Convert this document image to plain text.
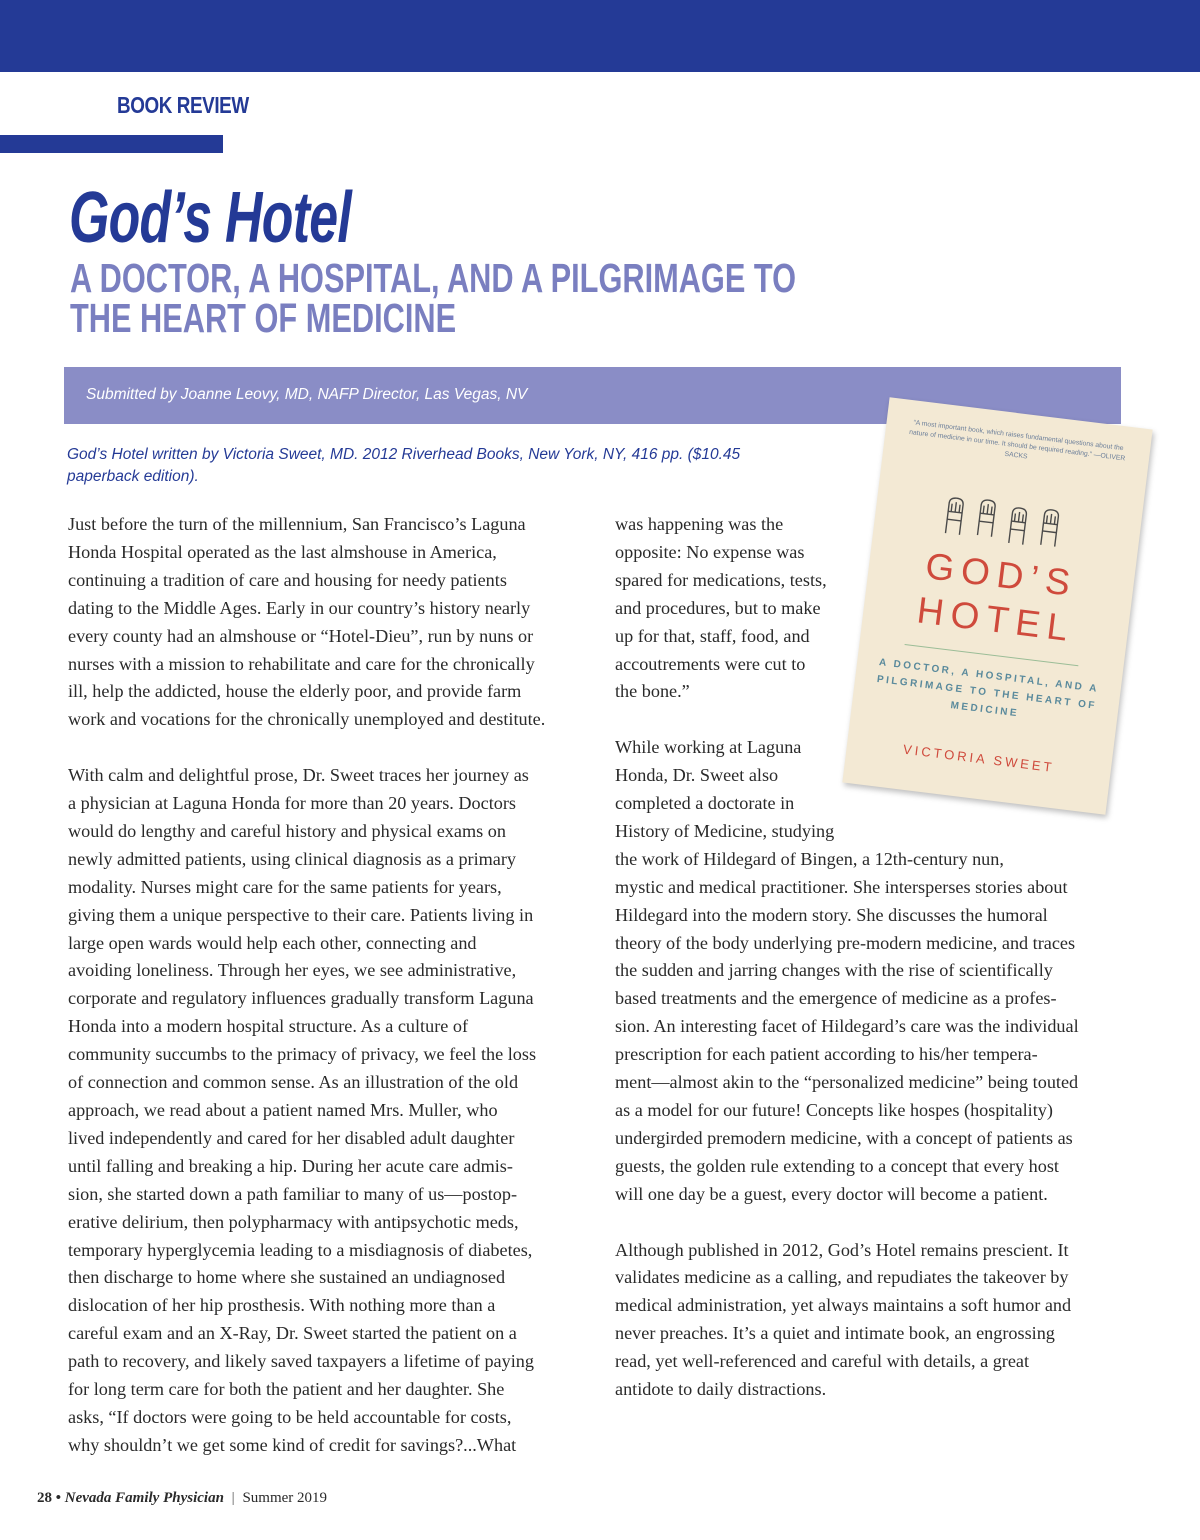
BOOK REVIEW
God’s Hotel
A DOCTOR, A HOSPITAL, AND A PILGRIMAGE TO THE HEART OF MEDICINE
Submitted by Joanne Leovy, MD, NAFP Director, Las Vegas, NV
God’s Hotel written by Victoria Sweet, MD. 2012 Riverhead Books, New York, NY, 416 pp. ($10.45 paperback edition).

Just before the turn of the millennium, San Francisco’s Laguna
Honda Hospital operated as the last almshouse in America,
continuing a tradition of care and housing for needy patients
dating to the Middle Ages. Early in our country’s history nearly
every county had an almshouse or “Hotel-Dieu”, run by nuns or
nurses with a mission to rehabilitate and care for the chronically
ill, help the addicted, house the elderly poor, and provide farm
work and vocations for the chronically unemployed and destitute.

With calm and delightful prose, Dr. Sweet traces her journey as
a physician at Laguna Honda for more than 20 years. Doctors
would do lengthy and careful history and physical exams on
newly admitted patients, using clinical diagnosis as a primary
modality. Nurses might care for the same patients for years,
giving them a unique perspective to their care. Patients living in
large open wards would help each other, connecting and
avoiding loneliness. Through her eyes, we see administrative,
corporate and regulatory influences gradually transform Laguna
Honda into a modern hospital structure. As a culture of
community succumbs to the primacy of privacy, we feel the loss
of connection and common sense. As an illustration of the old
approach, we read about a patient named Mrs. Muller, who
lived independently and cared for her disabled adult daughter
until falling and breaking a hip. During her acute care admis-
sion, she started down a path familiar to many of us—postop-
erative delirium, then polypharmacy with antipsychotic meds,
temporary hyperglycemia leading to a misdiagnosis of diabetes,
then discharge to home where she sustained an undiagnosed
dislocation of her hip prosthesis. With nothing more than a
careful exam and an X-Ray, Dr. Sweet started the patient on a
path to recovery, and likely saved taxpayers a lifetime of paying
for long term care for both the patient and her daughter. She
asks, “If doctors were going to be held accountable for costs,
why shouldn’t we get some kind of credit for savings?...What

was happening was the
opposite: No expense was
spared for medications, tests,
and procedures, but to make
up for that, staff, food, and
accoutrements were cut to
the bone.”

While working at Laguna
Honda, Dr. Sweet also
completed a doctorate in
History of Medicine, studying
the work of Hildegard of Bingen, a 12th-century nun,
mystic and medical practitioner. She intersperses stories about
Hildegard into the modern story. She discusses the humoral
theory of the body underlying pre-modern medicine, and traces
the sudden and jarring changes with the rise of scientifically
based treatments and the emergence of medicine as a profes-
sion. An interesting facet of Hildegard’s care was the individual
prescription for each patient according to his/her tempera-
ment—almost akin to the “personalized medicine” being touted
as a model for our future! Concepts like hospes (hospitality)
undergirded premodern medicine, with a concept of patients as
guests, the golden rule extending to a concept that every host
will one day be a guest, every doctor will become a patient.

Although published in 2012, God’s Hotel remains prescient. It
validates medicine as a calling, and repudiates the takeover by
medical administration, yet always maintains a soft humor and
never preaches. It’s a quiet and intimate book, an engrossing
read, yet well-referenced and careful with details, a great
antidote to daily distractions.

“A most important book, which raises fundamental questions about the nature of medicine in our time. It should be required reading.” —OLIVER SACKS
GOD’S HOTEL
A DOCTOR, A HOSPITAL, AND A PILGRIMAGE TO THE HEART OF MEDICINE
VICTORIA SWEET
28 • Nevada Family Physician | Summer 2019
